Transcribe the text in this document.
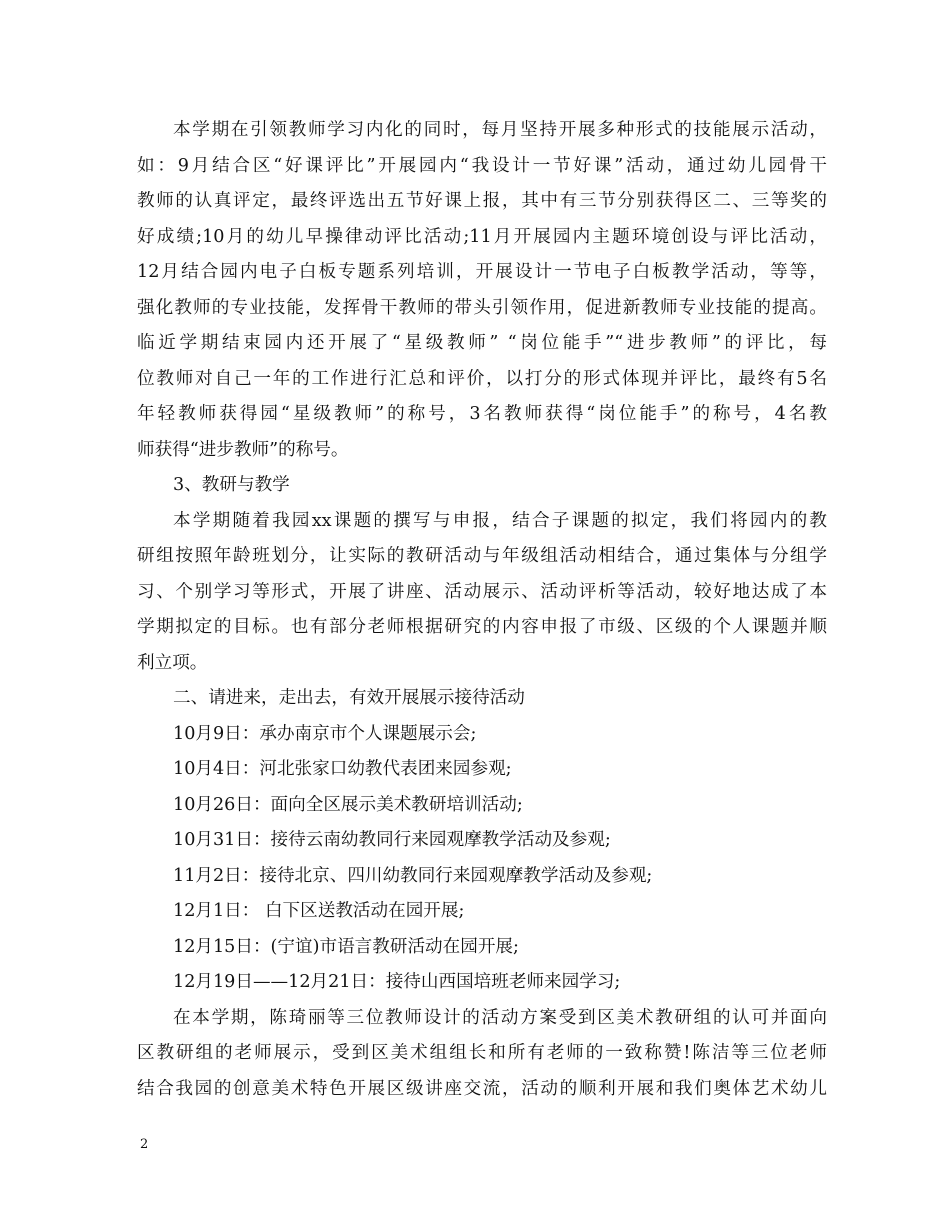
本学期在引领教师学习内化的同时，每月坚持开展多种形式的技能展示活动，
如：9月结合区“好课评比”开展园内“我设计一节好课”活动，通过幼儿园骨干
教师的认真评定，最终评选出五节好课上报，其中有三节分别获得区二、三等奖的
好成绩;10月的幼儿早操律动评比活动;11月开展园内主题环境创设与评比活动，
12月结合园内电子白板专题系列培训，开展设计一节电子白板教学活动，等等，
强化教师的专业技能，发挥骨干教师的带头引领作用，促进新教师专业技能的提高。
临近学期结束园内还开展了“星级教师” “岗位能手”“进步教师”的评比，每
位教师对自己一年的工作进行汇总和评价，以打分的形式体现并评比，最终有5名
年轻教师获得园“星级教师”的称号，3名教师获得“岗位能手”的称号，4名教
师获得“进步教师”的称号。
3、教研与教学
本学期随着我园xx课题的撰写与申报，结合子课题的拟定，我们将园内的教
研组按照年龄班划分，让实际的教研活动与年级组活动相结合，通过集体与分组学
习、个别学习等形式，开展了讲座、活动展示、活动评析等活动，较好地达成了本
学期拟定的目标。也有部分老师根据研究的内容申报了市级、区级的个人课题并顺
利立项。
二、请进来，走出去，有效开展展示接待活动
10月9日：承办南京市个人课题展示会;
10月4日：河北张家口幼教代表团来园参观;
10月26日：面向全区展示美术教研培训活动;
10月31日：接待云南幼教同行来园观摩教学活动及参观;
11月2日：接待北京、四川幼教同行来园观摩教学活动及参观;
12月1日： 白下区送教活动在园开展;
12月15日：(宁谊)市语言教研活动在园开展;
12月19日——12月21日：接待山西国培班老师来园学习;
在本学期，陈琦丽等三位教师设计的活动方案受到区美术教研组的认可并面向
区教研组的老师展示，受到区美术组组长和所有老师的一致称赞!陈洁等三位老师
结合我园的创意美术特色开展区级讲座交流，活动的顺利开展和我们奥体艺术幼儿
2
